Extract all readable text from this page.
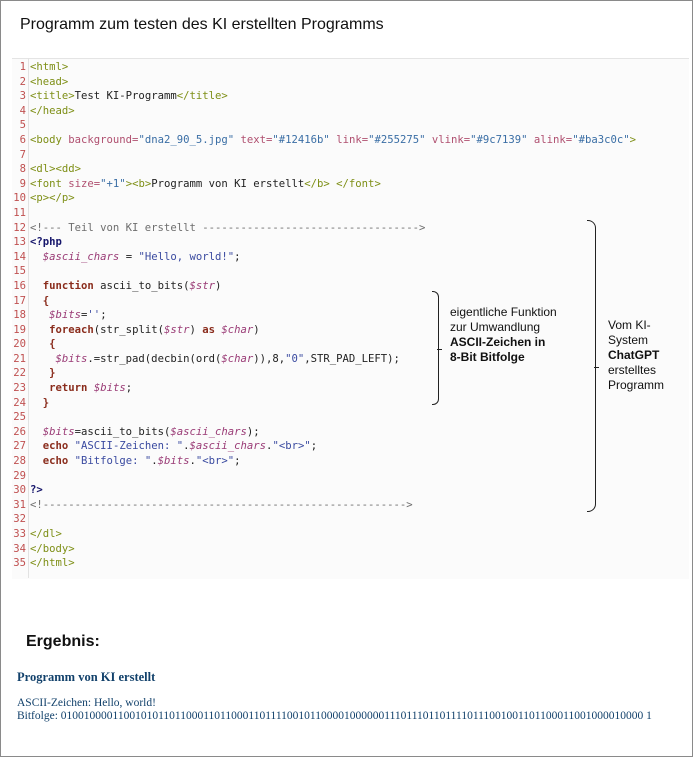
Programm zum testen des KI erstellten Programms
1 <html>
2 <head>
3 <title>Test KI-Programm</title>
4 </head>
5
6 <body background="dna2_90_5.jpg" text="#12416b" link="#255275" vlink="#9c7139" alink="#ba3c0c">
7
8 <dl><dd>
9 <font size="+1"><b>Programm von KI erstellt</b> </font>
10 <p></p>
11
12 <!--- Teil von KI erstellt ---------------------------------->
13 <?php
14 $ascii_chars = "Hello, world!";
15
16 function ascii_to_bits($str)
17  {
18 $bits='';
19 foreach(str_split($str) as $char)
20   {
21	$bits.=str_pad(decbin(ord($char)),8,"0",STR_PAD_LEFT);
22   }
23 return $bits;
24  }
25
26 $bits=ascii_to_bits($ascii_chars);
27 echo "ASCII-Zeichen: ".$ascii_chars."<br>";
28 echo "Bitfolge: ".$bits."<br>";
29
30 ?>
31 <!--------------------------------------------------------->
32
33 </dl>
34 </body>
35 </html>
eigentliche Funktion
zur Umwandlung
ASCII-Zeichen in
8-Bit Bitfolge
Vom KI-
System
ChatGPT
erstelltes
Programm
Ergebnis:
Programm von KI erstellt
ASCII-Zeichen: Hello, world!
Bitfolge: 0100100001100101011011000110110001101111001011000010000001110111011011110111001001101100011001000010000 1
